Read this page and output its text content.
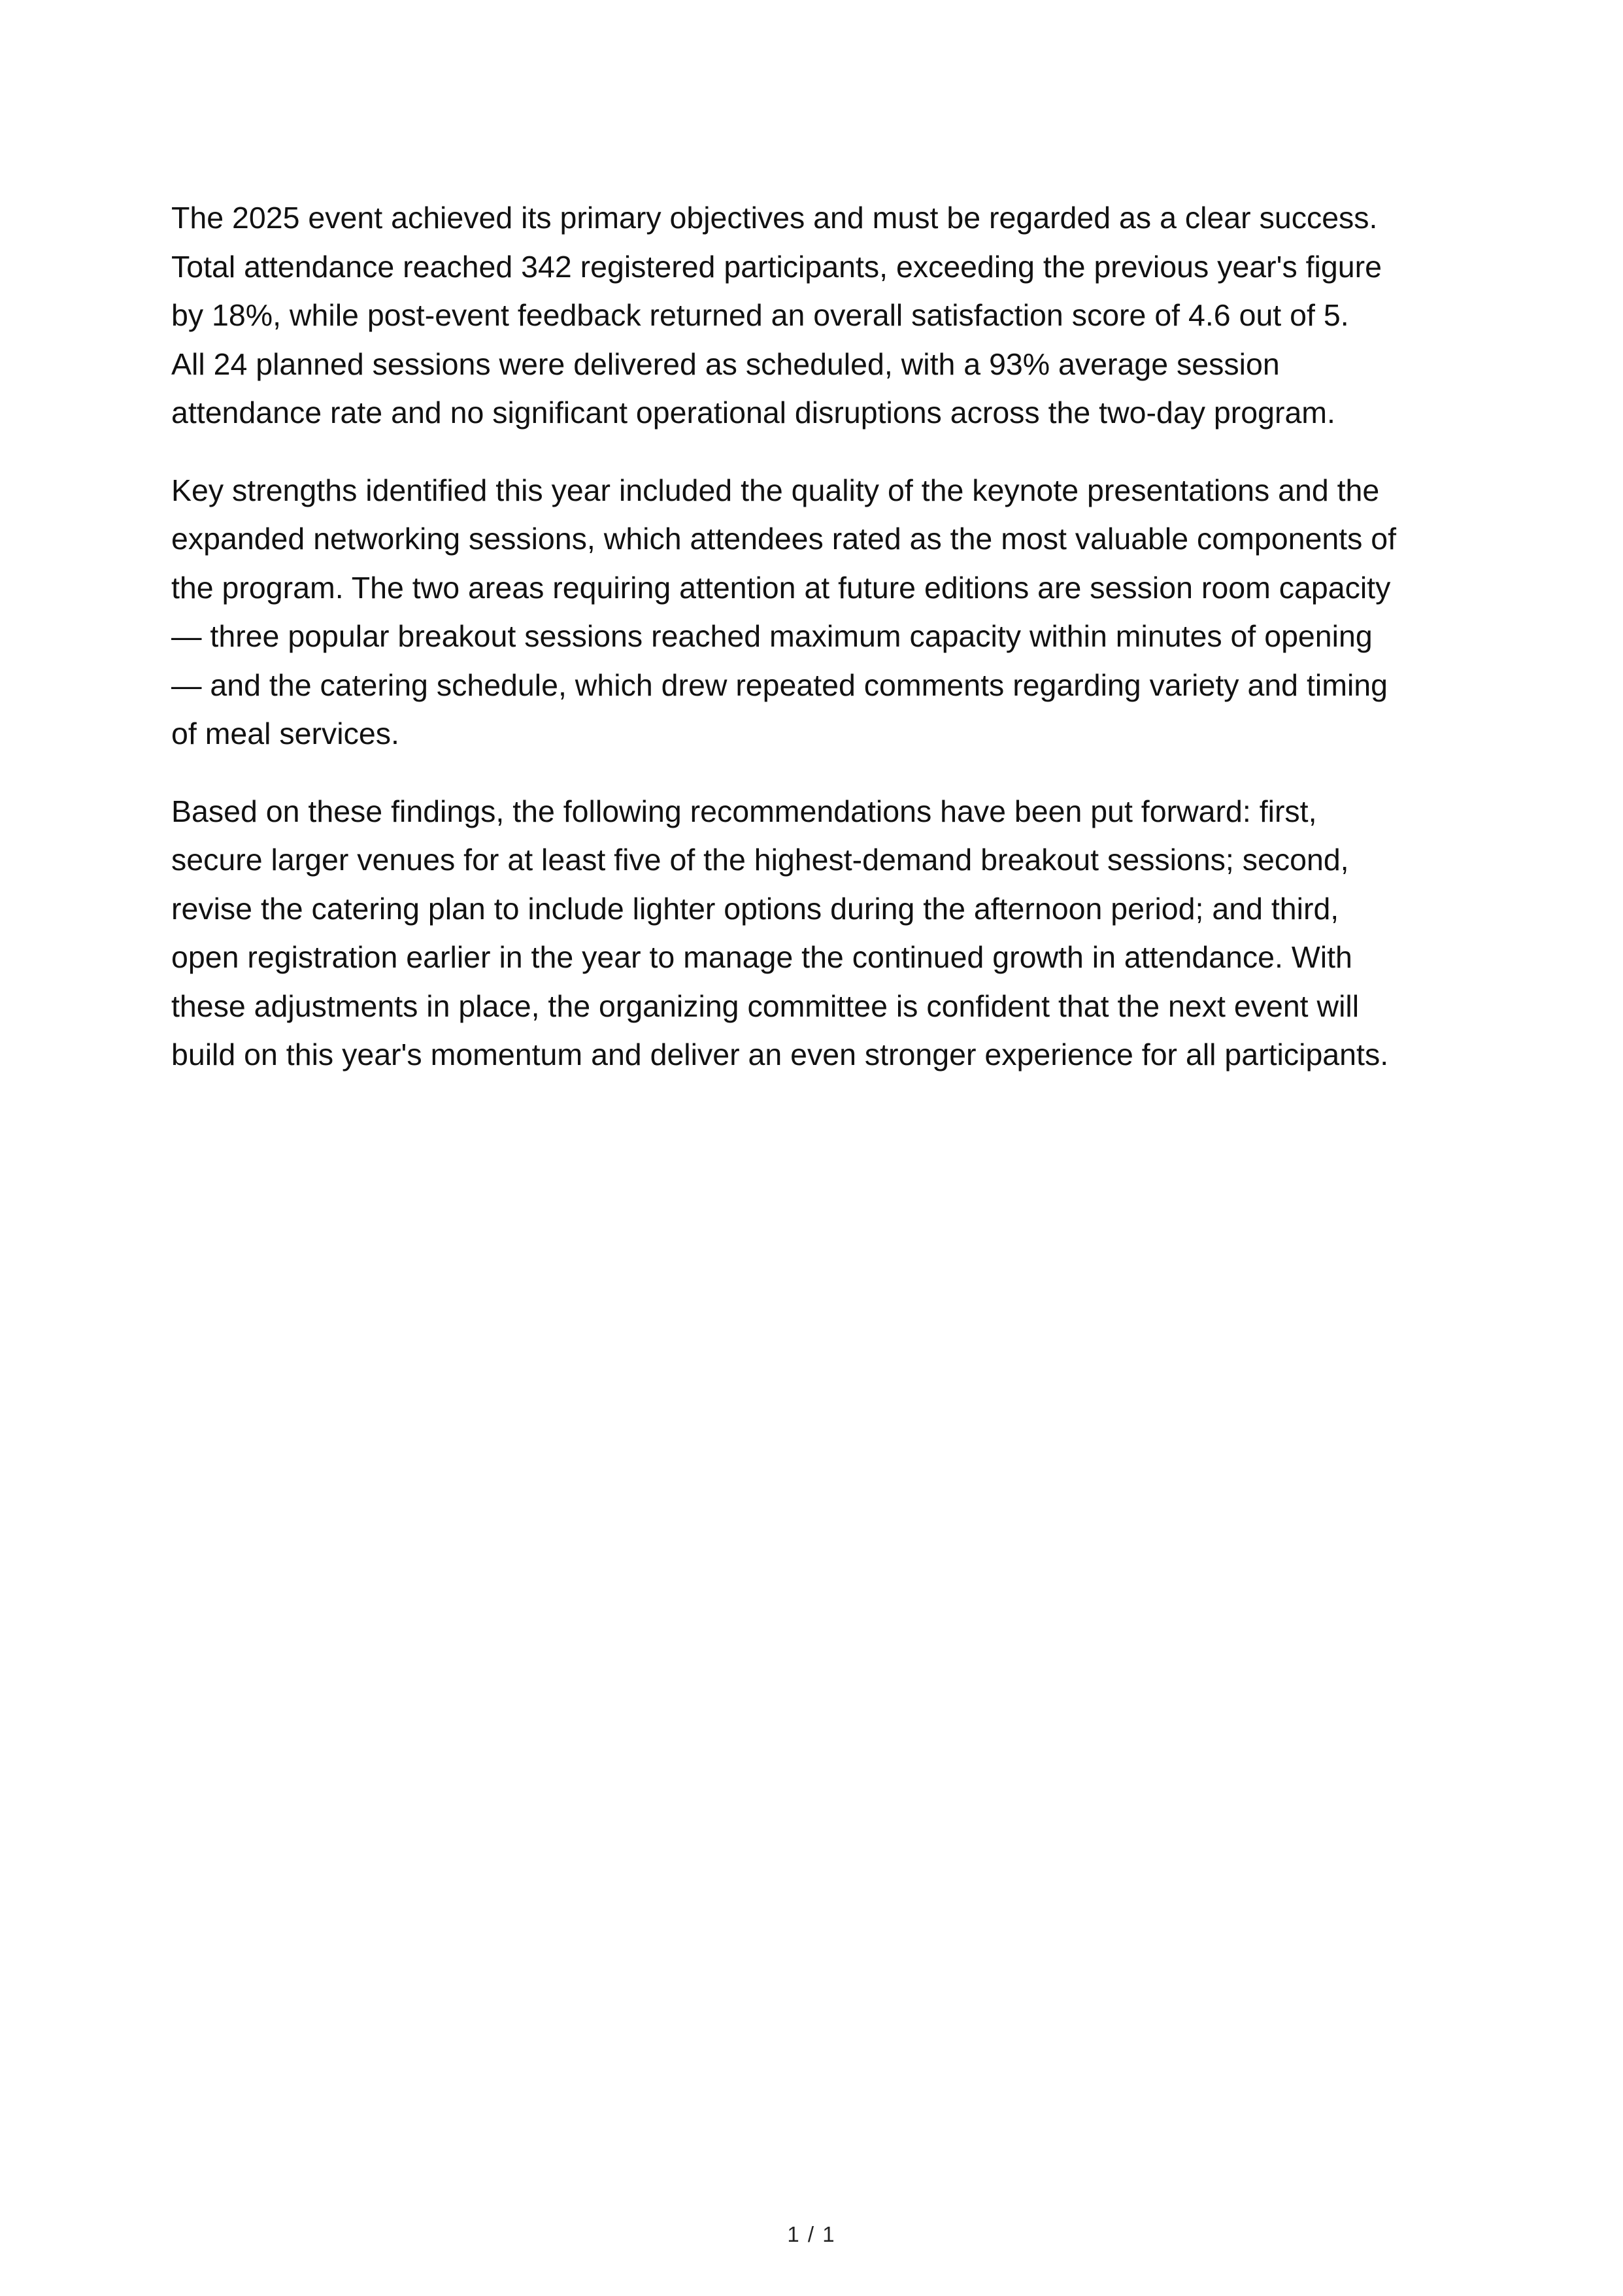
The 2025 event achieved its primary objectives and must be regarded as a clear success.
Total attendance reached 342 registered participants, exceeding the previous year's figure
by 18%, while post-event feedback returned an overall satisfaction score of 4.6 out of 5.
All 24 planned sessions were delivered as scheduled, with a 93% average session
attendance rate and no significant operational disruptions across the two-day program.

Key strengths identified this year included the quality of the keynote presentations and the
expanded networking sessions, which attendees rated as the most valuable components of
the program. The two areas requiring attention at future editions are session room capacity
— three popular breakout sessions reached maximum capacity within minutes of opening
— and the catering schedule, which drew repeated comments regarding variety and timing
of meal services.

Based on these findings, the following recommendations have been put forward: first,
secure larger venues for at least five of the highest-demand breakout sessions; second,
revise the catering plan to include lighter options during the afternoon period; and third,
open registration earlier in the year to manage the continued growth in attendance. With
these adjustments in place, the organizing committee is confident that the next event will
build on this year's momentum and deliver an even stronger experience for all participants.

1 / 1
